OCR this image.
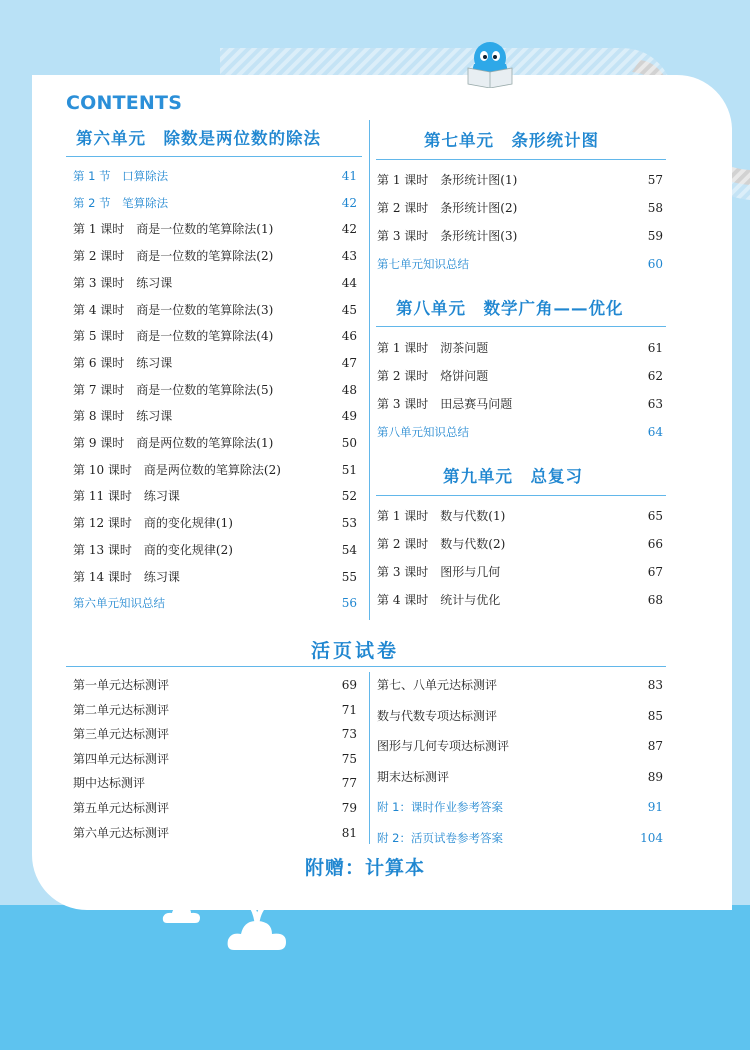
CONTENTS
第六单元　除数是两位数的除法
第 1 节　口算除法	41
第 2 节　笔算除法	42
第 1 课时　商是一位数的笔算除法(1)	42
第 2 课时　商是一位数的笔算除法(2)	43
第 3 课时　练习课	44
第 4 课时　商是一位数的笔算除法(3)	45
第 5 课时　商是一位数的笔算除法(4)	46
第 6 课时　练习课	47
第 7 课时　商是一位数的笔算除法(5)	48
第 8 课时　练习课	49
第 9 课时　商是两位数的笔算除法(1)	50
第 10 课时　商是两位数的笔算除法(2)	51
第 11 课时　练习课	52
第 12 课时　商的变化规律(1)	53
第 13 课时　商的变化规律(2)	54
第 14 课时　练习课	55
第六单元知识总结	56
第七单元　条形统计图
第 1 课时　条形统计图(1)	57
第 2 课时　条形统计图(2)	58
第 3 课时　条形统计图(3)	59
第七单元知识总结	60
第八单元　数学广角——优化
第 1 课时　沏茶问题	61
第 2 课时　烙饼问题	62
第 3 课时　田忌赛马问题	63
第八单元知识总结	64
第九单元　总复习
第 1 课时　数与代数(1)	65
第 2 课时　数与代数(2)	66
第 3 课时　图形与几何	67
第 4 课时　统计与优化	68
活页试卷
第一单元达标测评	69
第二单元达标测评	71
第三单元达标测评	73
第四单元达标测评	75
期中达标测评	77
第五单元达标测评	79
第六单元达标测评	81
第七、八单元达标测评	83
数与代数专项达标测评	85
图形与几何专项达标测评	87
期末达标测评	89
附 1：课时作业参考答案	91
附 2：活页试卷参考答案	104
附赠：计算本
